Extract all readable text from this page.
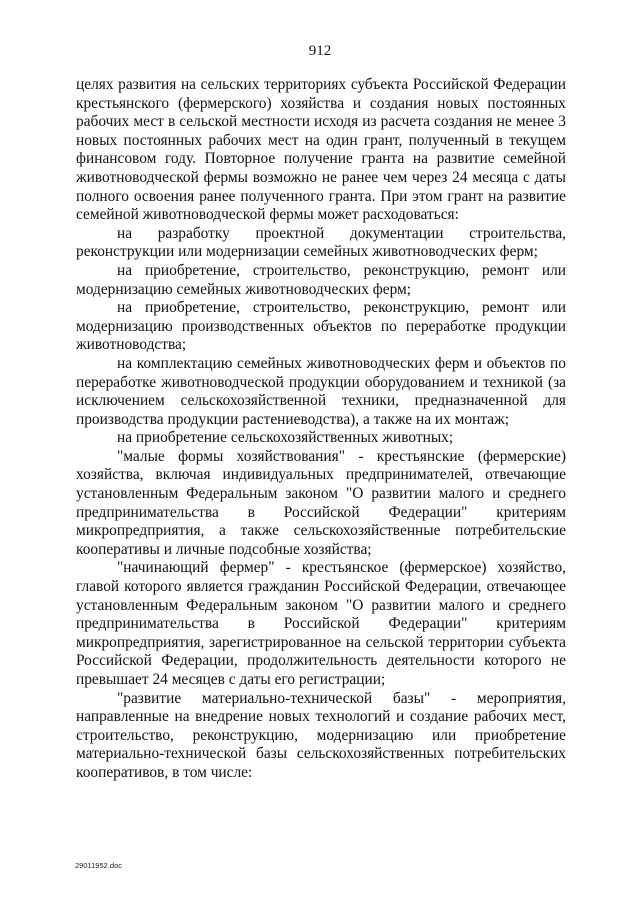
912

целях развития на сельских территориях субъекта Российской Федерации крестьянского (фермерского) хозяйства и создания новых постоянных рабочих мест в сельской местности исходя из расчета создания не менее 3 новых постоянных рабочих мест на один грант, полученный в текущем финансовом году. Повторное получение гранта на развитие семейной животноводческой фермы возможно не ранее чем через 24 месяца с даты полного освоения ранее полученного гранта. При этом грант на развитие семейной животноводческой фермы может расходоваться:

на разработку проектной документации строительства, реконструкции или модернизации семейных животноводческих ферм;

на приобретение, строительство, реконструкцию, ремонт или модернизацию семейных животноводческих ферм;

на приобретение, строительство, реконструкцию, ремонт или модернизацию производственных объектов по переработке продукции животноводства;

на комплектацию семейных животноводческих ферм и объектов по переработке животноводческой продукции оборудованием и техникой (за исключением сельскохозяйственной техники, предназначенной для производства продукции растениеводства), а также на их монтаж;

на приобретение сельскохозяйственных животных;

"малые формы хозяйствования" - крестьянские (фермерские) хозяйства, включая индивидуальных предпринимателей, отвечающие установленным Федеральным законом "О развитии малого и среднего предпринимательства в Российской Федерации" критериям микропредприятия, а также сельскохозяйственные потребительские кооперативы и личные подсобные хозяйства;

"начинающий фермер" - крестьянское (фермерское) хозяйство, главой которого является гражданин Российской Федерации, отвечающее установленным Федеральным законом "О развитии малого и среднего предпринимательства в Российской Федерации" критериям микропредприятия, зарегистрированное на сельской территории субъекта Российской Федерации, продолжительность деятельности которого не превышает 24 месяцев с даты его регистрации;

"развитие материально-технической базы" - мероприятия, направленные на внедрение новых технологий и создание рабочих мест, строительство, реконструкцию, модернизацию или приобретение материально-технической базы сельскохозяйственных потребительских кооперативов, в том числе:

29011952.doc
